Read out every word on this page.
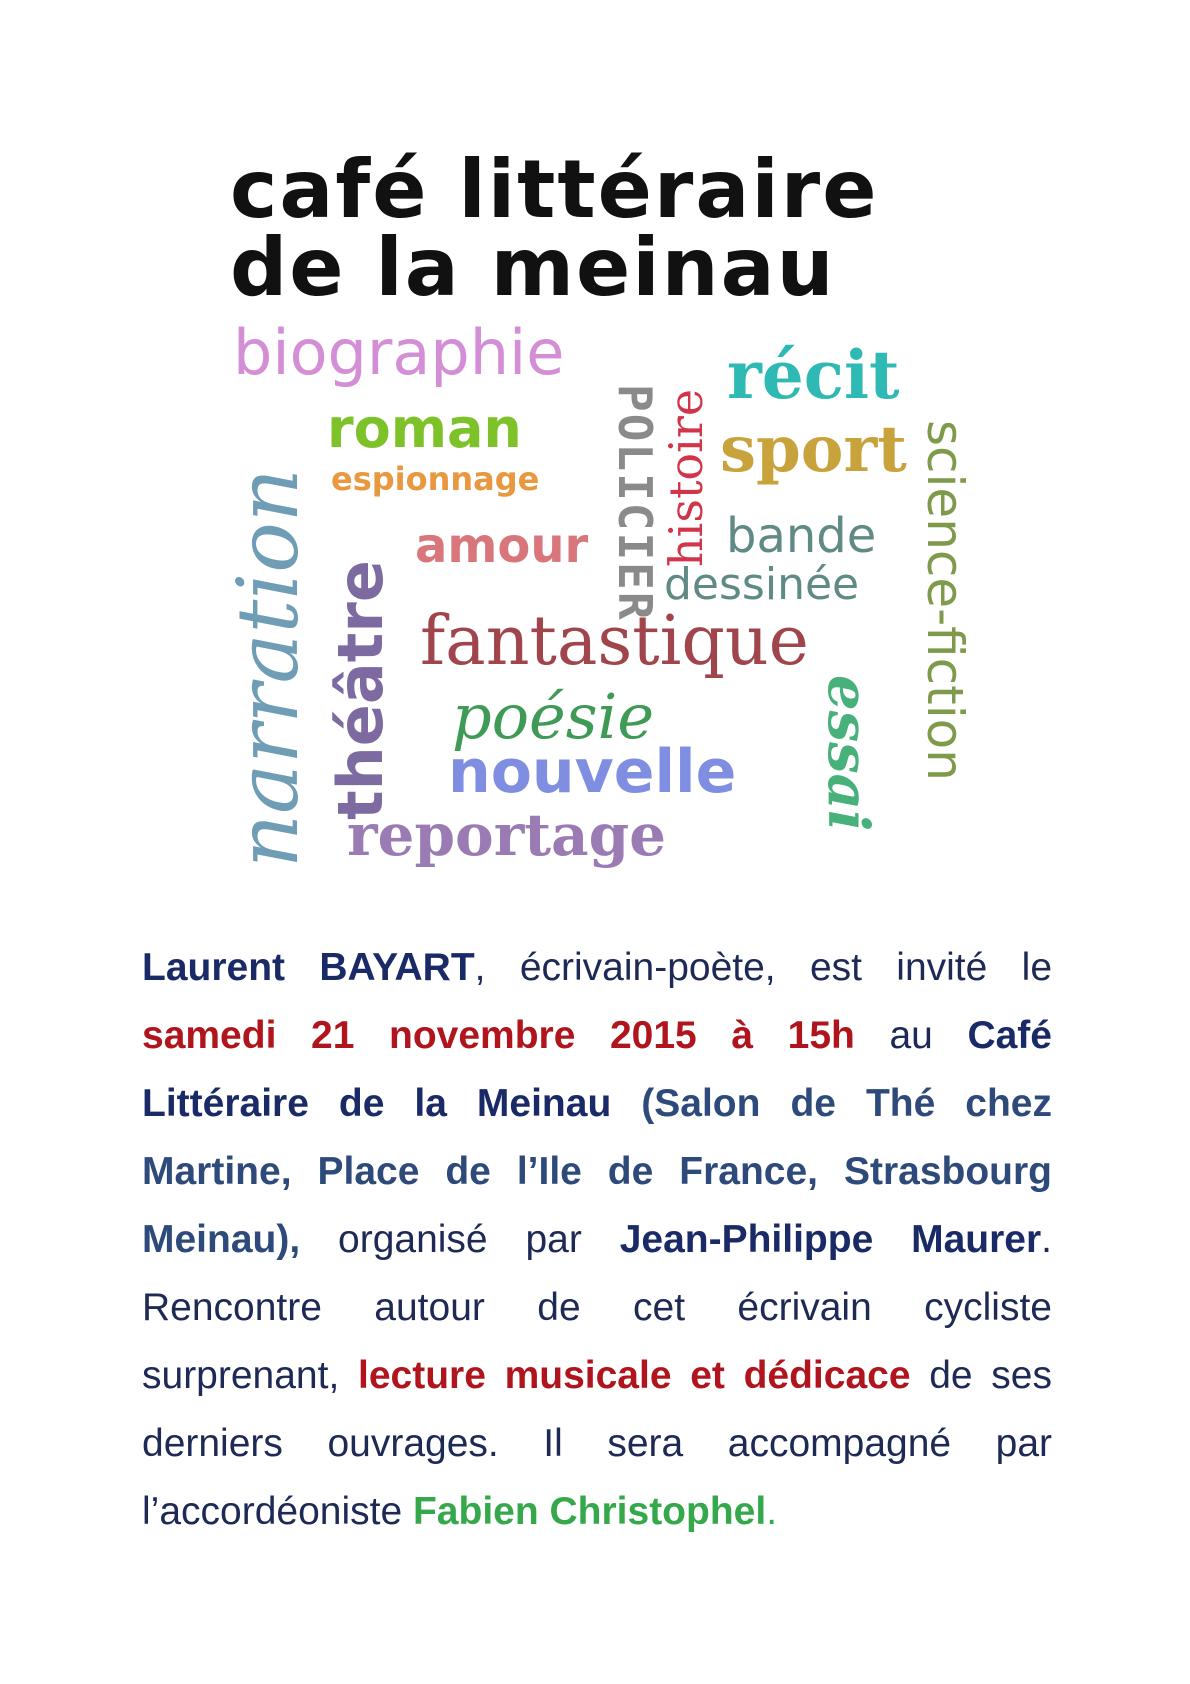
café littéraire
de la meinau
biographie récit
roman
espionnage
amour POLICIER
histoire sport
bande
dessinée science-fiction
narration théâtre fantastique
poésie
nouvelle essai
reportage

Laurent BAYART, écrivain-poète, est invité le samedi 21 novembre 2015 à 15h au Café Littéraire de la Meinau (Salon de Thé chez Martine, Place de l’Ile de France, Strasbourg Meinau), organisé par Jean-Philippe Maurer. Rencontre autour de cet écrivain cycliste surprenant, lecture musicale et dédicace de ses derniers ouvrages. Il sera accompagné par l’accordéoniste Fabien Christophel.
